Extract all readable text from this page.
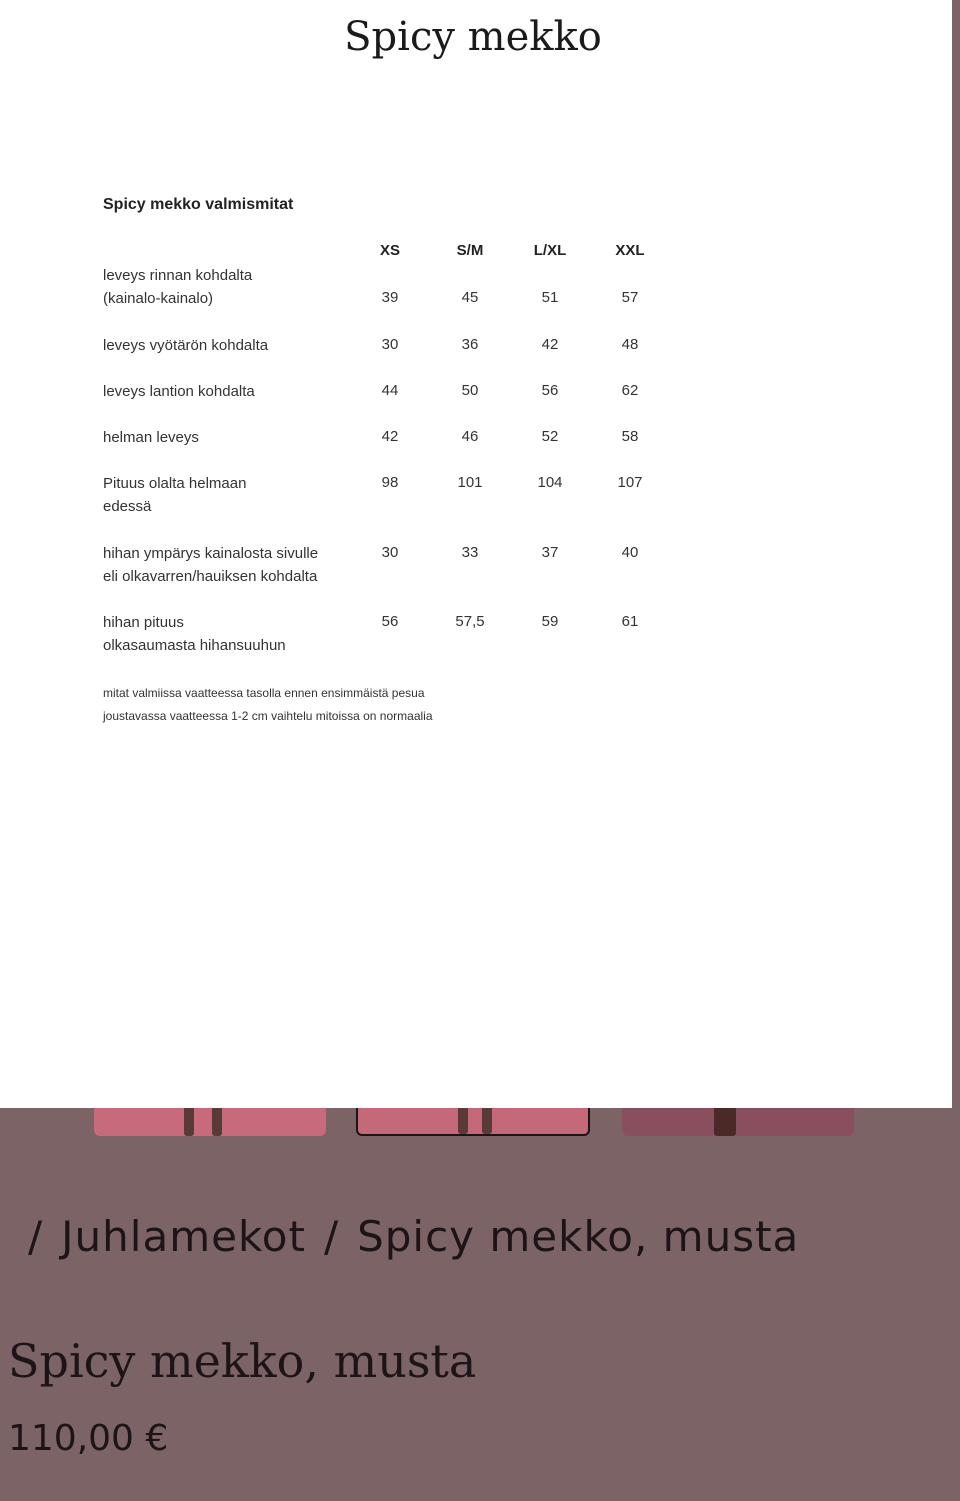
/ Juhlamekot / Spicy mekko, musta
Spicy mekko, musta
110,00 €
Spicy mekko
Spicy mekko valmismitat
XS	S/M	L/XL	XXL
leveys rinnan kohdalta
(kainalo-kainalo)	39	45	51	57
leveys vyötärön kohdalta	30	36	42	48
leveys lantion kohdalta	44	50	56	62
helman leveys	42	46	52	58
Pituus olalta helmaan
edessä
98	101	104	107
hihan ympärys kainalosta sivulle
eli olkavarren/hauiksen kohdalta
30	33	37	40
hihan pituus
olkasaumasta hihansuuhun
56	57,5	59	61
mitat valmiissa vaatteessa tasolla ennen ensimmäistä pesua
joustavassa vaatteessa 1-2 cm vaihtelu mitoissa on normaalia
